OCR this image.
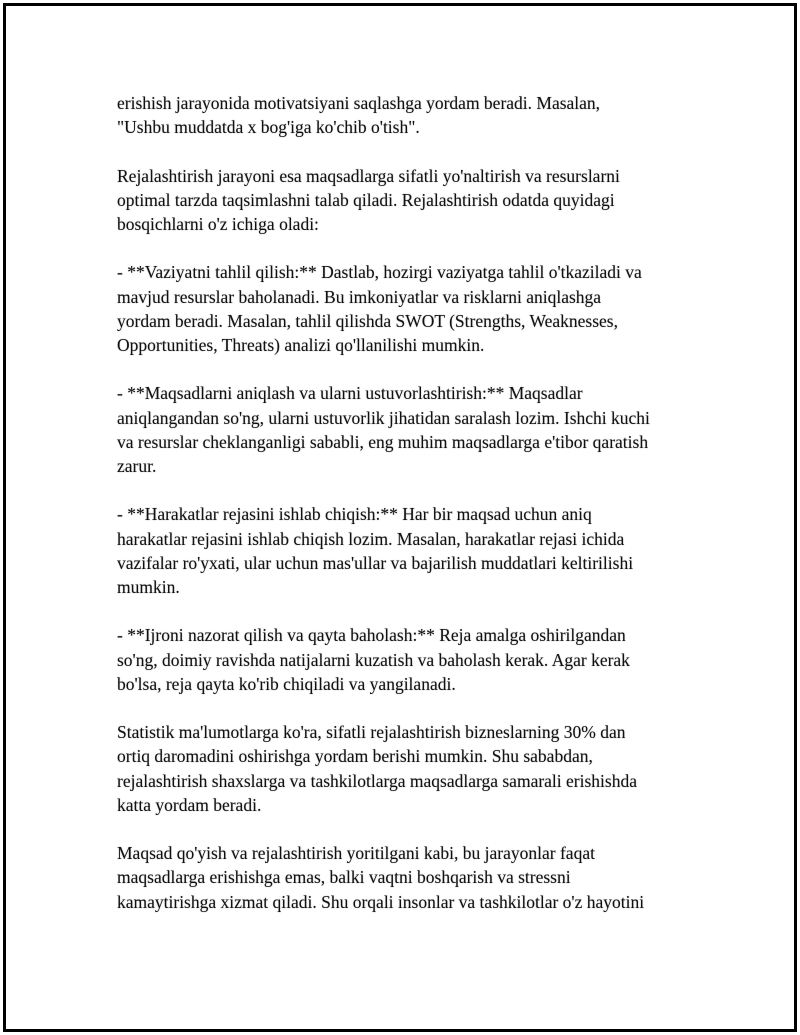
erishish jarayonida motivatsiyani saqlashga yordam beradi. Masalan,
"Ushbu muddatda x bog'iga ko'chib o'tish".

Rejalashtirish jarayoni esa maqsadlarga sifatli yo'naltirish va resurslarni
optimal tarzda taqsimlashni talab qiladi. Rejalashtirish odatda quyidagi
bosqichlarni o'z ichiga oladi:

- **Vaziyatni tahlil qilish:** Dastlab, hozirgi vaziyatga tahlil o'tkaziladi va
mavjud resurslar baholanadi. Bu imkoniyatlar va risklarni aniqlashga
yordam beradi. Masalan, tahlil qilishda SWOT (Strengths, Weaknesses,
Opportunities, Threats) analizi qo'llanilishi mumkin.

- **Maqsadlarni aniqlash va ularni ustuvorlashtirish:** Maqsadlar
aniqlangandan so'ng, ularni ustuvorlik jihatidan saralash lozim. Ishchi kuchi
va resurslar cheklanganligi sababli, eng muhim maqsadlarga e'tibor qaratish
zarur.

- **Harakatlar rejasini ishlab chiqish:** Har bir maqsad uchun aniq
harakatlar rejasini ishlab chiqish lozim. Masalan, harakatlar rejasi ichida
vazifalar ro'yxati, ular uchun mas'ullar va bajarilish muddatlari keltirilishi
mumkin.

- **Ijroni nazorat qilish va qayta baholash:** Reja amalga oshirilgandan
so'ng, doimiy ravishda natijalarni kuzatish va baholash kerak. Agar kerak
bo'lsa, reja qayta ko'rib chiqiladi va yangilanadi.

Statistik ma'lumotlarga ko'ra, sifatli rejalashtirish bizneslarning 30% dan
ortiq daromadini oshirishga yordam berishi mumkin. Shu sababdan,
rejalashtirish shaxslarga va tashkilotlarga maqsadlarga samarali erishishda
katta yordam beradi.

Maqsad qo'yish va rejalashtirish yoritilgani kabi, bu jarayonlar faqat
maqsadlarga erishishga emas, balki vaqtni boshqarish va stressni
kamaytirishga xizmat qiladi. Shu orqali insonlar va tashkilotlar o'z hayotini
